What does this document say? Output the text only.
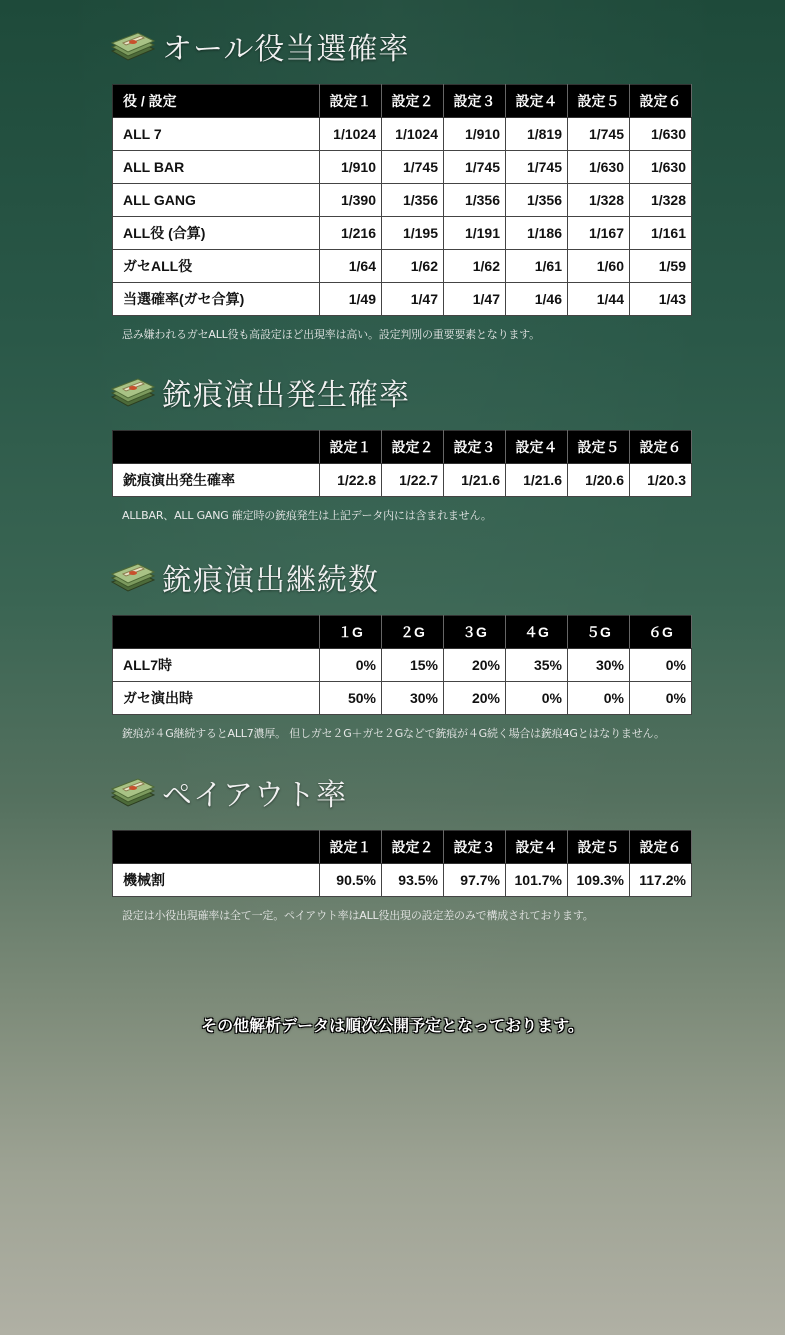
オール役当選確率
役 / 設定	設定１	設定２	設定３	設定４	設定５	設定６
ALL 7	1/1024	1/1024	1/910	1/819	1/745	1/630
ALL BAR	1/910	1/745	1/745	1/745	1/630	1/630
ALL GANG	1/390	1/356	1/356	1/356	1/328	1/328
ALL役 (合算)	1/216	1/195	1/191	1/186	1/167	1/161
ガセALL役	1/64	1/62	1/62	1/61	1/60	1/59
当選確率(ガセ合算)	1/49	1/47	1/47	1/46	1/44	1/43
忌み嫌われるガセALL役も高設定ほど出現率は高い。設定判別の重要要素となります。
銃痕演出発生確率
	設定１	設定２	設定３	設定４	設定５	設定６
銃痕演出発生確率	1/22.8	1/22.7	1/21.6	1/21.6	1/20.6	1/20.3
ALLBAR、ALL GANG 確定時の銃痕発生は上記データ内には含まれません。
銃痕演出継続数
	１G	２G	３G	４G	５G	６G
ALL7時	0%	15%	20%	35%	30%	0%
ガセ演出時	50%	30%	20%	0%	0%	0%
銃痕が４G継続するとALL7濃厚。 但しガセ２G＋ガセ２Gなどで銃痕が４G続く場合は銃痕4Gとはなりません。
ペイアウト率
	設定１	設定２	設定３	設定４	設定５	設定６
機械割	90.5%	93.5%	97.7%	101.7%	109.3%	117.2%
設定は小役出現確率は全て一定。ペイアウト率はALL役出現の設定差のみで構成されております。
その他解析データは順次公開予定となっております。
